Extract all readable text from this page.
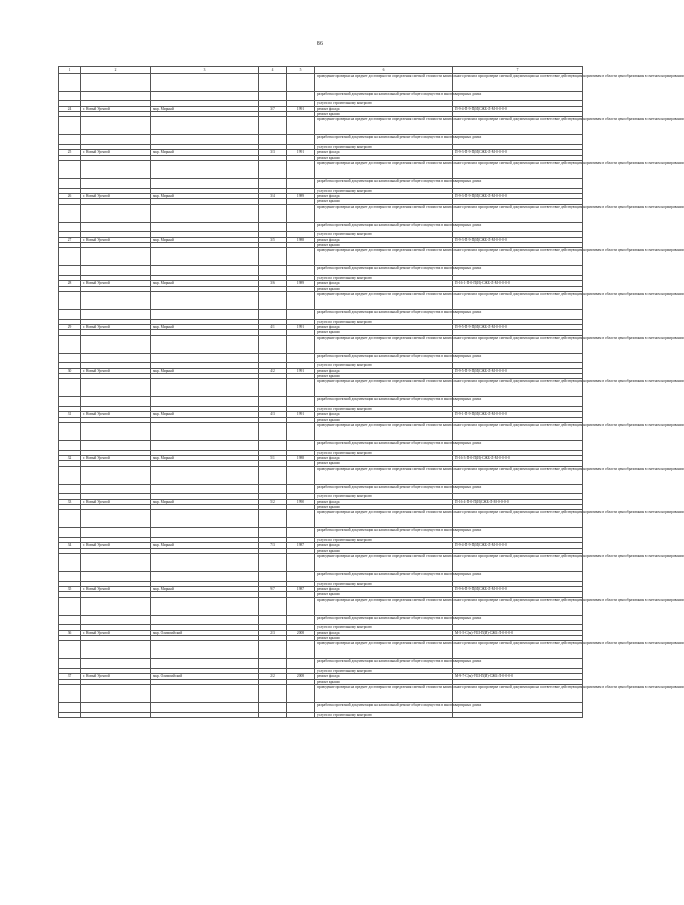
86
1	2	3	4	5	6	7
					проведение проверки на предмет достоверности определения сметной стоимости капитального ремонта при проверке сметной документации на соответствие действующим нормативам в области ценообразования в сметном нормировании	
					разработка проектной документации на капитальный ремонт общего имущества в многоквартирных домах	
					услуги по строительному контролю	
24	г. Новый Уренгой	мкр. Мирный	3/7	1991	ремонт фасада	П-9-4-П-9-П(И)СЖБ-Л-М-0-0-0-0
					ремонт крыши	
					проведение проверки на предмет достоверности определения сметной стоимости капитального ремонта при проверке сметной документации на соответствие действующим нормативам в области ценообразования в сметном нормировании	
					разработка проектной документации на капитальный ремонт общего имущества в многоквартирных домах	
					услуги по строительному контролю	
25	г. Новый Уренгой	мкр. Мирный	3/3	1991	ремонт фасада	П-9-3-П-9-П(И)СЖБ-Л-М-0-0-0-0
					ремонт крыши	
					проведение проверки на предмет достоверности определения сметной стоимости капитального ремонта при проверке сметной документации на соответствие действующим нормативам в области ценообразования в сметном нормировании	
					разработка проектной документации на капитальный ремонт общего имущества в многоквартирных домах	
					услуги по строительному контролю	
26	г. Новый Уренгой	мкр. Мирный	3/4	1989	ремонт фасада	П-9-3-П-9-П(И)СЖБ-Л-М-0-0-0-0
					ремонт крыши	
					проведение проверки на предмет достоверности определения сметной стоимости капитального ремонта при проверке сметной документации на соответствие действующим нормативам в области ценообразования в сметном нормировании	
					разработка проектной документации на капитальный ремонт общего имущества в многоквартирных домах	
					услуги по строительному контролю	
27	г. Новый Уренгой	мкр. Мирный	3/5	1988	ремонт фасада	П-9-3-П-9-П(И)СЖБ-Л-М-0-0-0-0
					ремонт крыши	
					проведение проверки на предмет достоверности определения сметной стоимости капитального ремонта при проверке сметной документации на соответствие действующим нормативам в области ценообразования в сметном нормировании	
					разработка проектной документации на капитальный ремонт общего имущества в многоквартирных домах	
					услуги по строительному контролю	
28	г. Новый Уренгой	мкр. Мирный	3/6	1989	ремонт фасада	П-16-1-П-0-П(И)-СЖБ-Л-М-0-0-0-0
					ремонт крыши	
					проведение проверки на предмет достоверности определения сметной стоимости капитального ремонта при проверке сметной документации на соответствие действующим нормативам в области ценообразования в сметном нормировании	
					разработка проектной документации на капитальный ремонт общего имущества в многоквартирных домах	
					услуги по строительному контролю	
29	г. Новый Уренгой	мкр. Мирный	4/1	1991	ремонт фасада	П-9-5-П-9-П(И)СЖБ-Л-М-0-0-0-0
					ремонт крыши	
					проведение проверки на предмет достоверности определения сметной стоимости капитального ремонта при проверке сметной документации на соответствие действующим нормативам в области ценообразования в сметном нормировании	
					разработка проектной документации на капитальный ремонт общего имущества в многоквартирных домах	
					услуги по строительному контролю	
30	г. Новый Уренгой	мкр. Мирный	4/2	1991	ремонт фасада	П-9-5-П-9-П(И)СЖБ-Л-М-0-0-0-0
					ремонт крыши	
					проведение проверки на предмет достоверности определения сметной стоимости капитального ремонта при проверке сметной документации на соответствие действующим нормативам в области ценообразования в сметном нормировании	
					разработка проектной документации на капитальный ремонт общего имущества в многоквартирных домах	
					услуги по строительному контролю	
31	г. Новый Уренгой	мкр. Мирный	4/3	1991	ремонт фасада	П-9-1-П-9-П(И)СЖБ-Л-М-0-0-0-0
					ремонт крыши	
					проведение проверки на предмет достоверности определения сметной стоимости капитального ремонта при проверке сметной документации на соответствие действующим нормативам в области ценообразования в сметном нормировании	
					разработка проектной документации на капитальный ремонт общего имущества в многоквартирных домах	
					услуги по строительному контролю	
32	г. Новый Уренгой	мкр. Мирный	5/1	1988	ремонт фасада	П-16-3-П-0-П(И)-СЖБ-Л-М-0-0-0-0
					ремонт крыши	
					проведение проверки на предмет достоверности определения сметной стоимости капитального ремонта при проверке сметной документации на соответствие действующим нормативам в области ценообразования в сметном нормировании	
					разработка проектной документации на капитальный ремонт общего имущества в многоквартирных домах	
					услуги по строительному контролю	
33	г. Новый Уренгой	мкр. Мирный	5/2	1990	ремонт фасада	П-16-4-П-0-П(И)СЖБ-Л-М-0-0-0-0
					ремонт крыши	
					проведение проверки на предмет достоверности определения сметной стоимости капитального ремонта при проверке сметной документации на соответствие действующим нормативам в области ценообразования в сметном нормировании	
					разработка проектной документации на капитальный ремонт общего имущества в многоквартирных домах	
					услуги по строительному контролю	
34	г. Новый Уренгой	мкр. Мирный	7/3	1987	ремонт фасада	П-9-4-П-9-П(И)СЖБ-Л-М-0-0-0-0
					ремонт крыши	
					проведение проверки на предмет достоверности определения сметной стоимости капитального ремонта при проверке сметной документации на соответствие действующим нормативам в области ценообразования в сметном нормировании	
					разработка проектной документации на капитальный ремонт общего имущества в многоквартирных домах	
					услуги по строительному контролю	
35	г. Новый Уренгой	мкр. Мирный	9/7	1987	ремонт фасада	П-9-6-П-9-П(И)СЖБ-Л-М-0-0-0-0
					ремонт крыши	
					проведение проверки на предмет достоверности определения сметной стоимости капитального ремонта при проверке сметной документации на соответствие действующим нормативам в области ценообразования в сметном нормировании	
					разработка проектной документации на капитальный ремонт общего имущества в многоквартирных домах	
					услуги по строительному контролю	
36	г. Новый Уренгой	мкр. Олимпийский	2/3	2008	ремонт фасада	М-5-5-С(м)-УШ-П(И)-СЖБ-Л-0-0-0-0
					ремонт крыши	
					проведение проверки на предмет достоверности определения сметной стоимости капитального ремонта при проверке сметной документации на соответствие действующим нормативам в области ценообразования в сметном нормировании	
					разработка проектной документации на капитальный ремонт общего имущества в многоквартирных домах	
					услуги по строительному контролю	
37	г. Новый Уренгой	мкр. Олимпийский	2/2	2008	ремонт фасада	М-9-7-С(м)-УШ-П(И)-СЖБ-Л-0-0-0-0
					ремонт крыши	
					проведение проверки на предмет достоверности определения сметной стоимости капитального ремонта при проверке сметной документации на соответствие действующим нормативам в области ценообразования в сметном нормировании	
					разработка проектной документации на капитальный ремонт общего имущества в многоквартирных домах	
					услуги по строительному контролю	
